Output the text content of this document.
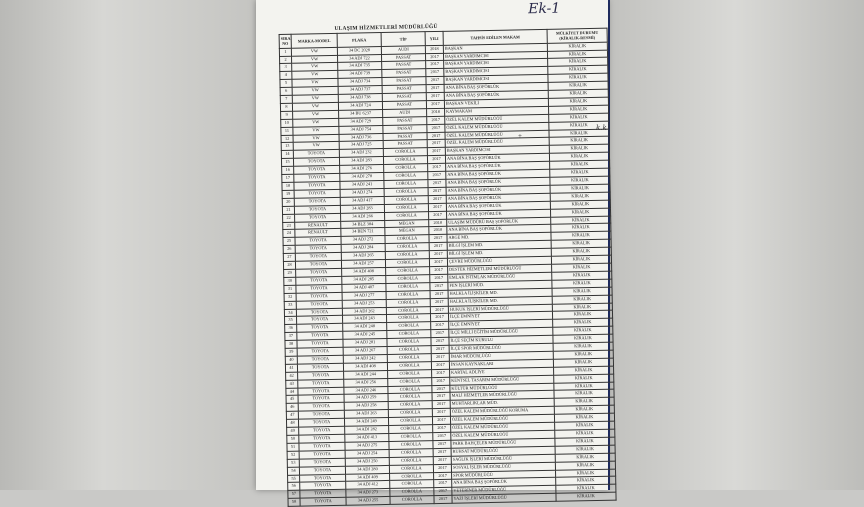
Ek-1
ULAŞIM HİZMETLERİ MÜDÜRLÜĞÜ
SIRA NO	MARKA-MODEL	PLAKA	TİP	YILI	TAHSİS EDİLEN MAKAM	MÜLKİYET DURUMU (KİRALIK-RESMİ)
1	VW	34 DC 2028	AUDI	2018	BAŞKAN	KİRALIK
2	VW	34 ADJ 722	PASSAT	2017	BAŞKAN YARDIMCISI	KİRALIK
3	VW	34 ADJ 735	PASSAT	2017	BAŞKAN YARDIMCISI	KİRALIK
4	VW	34 ADJ 739	PASSAT	2017	BAŞKAN YARDIMCISI	KİRALIK
5	VW	34 ADJ 734	PASSAT	2017	BAŞKAN YARDIMCISI	KİRALIK
6	VW	34 ADJ 737	PASSAT	2017	ANA BİNA BAŞ ŞOFÖRLÜK	KİRALIK
7	VW	34 ADJ 738	PASSAT	2017	ANA BİNA BAŞ ŞOFÖRLÜK	KİRALIK
8	VW	34 ADJ 724	PASSAT	2017	BAŞKAN VEKİLİ	KİRALIK
9	VW	34 BU 6237	AUDI	2018	KAYMAKAM	KİRALIK
10	VW	34 ADJ 729	PASSAT	2017	ÖZEL KALEM MÜDÜRLÜĞÜ	KİRALIK
11	VW	34 ADJ 754	PASSAT	2017	ÖZEL KALEM MÜDÜRLÜĞÜ	KİRALIK
12	VW	34 ADJ 736	PASSAT	2017	ÖZEL KALEM MÜDÜRLÜĞÜ	KİRALIK
13	VW	34 ADJ 725	PASSAT	2017	ÖZEL KALEM MÜDÜRLÜĞÜ	KİRALIK
14	TOYOTA	34 ADJ 232	COROLLA	2017	BAŞKAN YARDIMCISI	KİRALIK
15	TOYOTA	34 ADJ 283	COROLLA	2017	ANA BİNA BAŞ ŞOFÖRLÜK	KİRALIK
16	TOYOTA	34 ADJ 276	COROLLA	2017	ANA BİNA BAŞ ŞOFÖRLÜK	KİRALIK
17	TOYOTA	34 ADJ 278	COROLLA	2017	ANA BİNA BAŞ ŞOFÖRLÜK	KİRALIK
18	TOYOTA	34 ADJ 241	COROLLA	2017	ANA BİNA BAŞ ŞOFÖRLÜK	KİRALIK
19	TOYOTA	34 ADJ 274	COROLLA	2017	ANA BİNA BAŞ ŞOFÖRLÜK	KİRALIK
20	TOYOTA	34 ADJ 417	COROLLA	2017	ANA BİNA BAŞ ŞOFÖRLÜK	KİRALIK
21	TOYOTA	34 ADJ 283	COROLLA	2017	ANA BİNA BAŞ ŞOFÖRLÜK	KİRALIK
22	TOYOTA	34 ADJ 266	COROLLA	2017	ANA BİNA BAŞ ŞOFÖRLÜK	KİRALIK
23	RENAULT	34 BLZ 384	MEGAN	2018	ULAŞIM MÜDÜRÜ BAŞ ŞOFÖRLÜK	KİRALIK
24	RENAULT	34 BEN 721	MEGAN	2018	ANA BİNA BAŞ ŞOFÖRLÜK	KİRALIK
25	TOYOTA	34 ADJ 272	COROLLA	2017	ARGE MD.	KİRALIK
26	TOYOTA	34 ADJ 284	COROLLA	2017	BİLGİ İŞLEM MD.	KİRALIK
27	TOYOTA	34 ADJ 265	COROLLA	2017	BİLGİ İŞLEM MD.	KİRALIK
28	TOYOTA	34 ADJ 257	COROLLA	2017	ÇEVRE MÜDÜRLÜĞÜ	KİRALIK
29	TOYOTA	34 ADJ 408	COROLLA	2017	DESTEK HİZMETLERİ MÜDÜRLÜĞÜ	KİRALIK
30	TOYOTA	34 ADJ 285	COROLLA	2017	EMLAK İSTİMLAK MÜDÜRLÜĞÜ	KİRALIK
31	TOYOTA	34 ADJ 407	COROLLA	2017	FEN İŞLERİ MÜD.	KİRALIK
32	TOYOTA	34 ADJ 277	COROLLA	2017	HALKLA İLİŞKİLER MD.	KİRALIK
33	TOYOTA	34 ADJ 253	COROLLA	2017	HALKLA İLİŞKİLER MD.	KİRALIK
34	TOYOTA	34 ADJ 262	COROLLA	2017	HUKUK İŞLERİ MÜDÜRLÜĞÜ	KİRALIK
35	TOYOTA	34 ADJ 243	COROLLA	2017	İLÇE EMNİYET	KİRALIK
36	TOYOTA	34 ADJ 248	COROLLA	2017	İLÇE EMNİYET	KİRALIK
37	TOYOTA	34 ADJ 245	COROLLA	2017	İLÇE MİLLİ EĞİTİM MÜDÜRLÜĞÜ	KİRALIK
38	TOYOTA	34 ADJ 281	COROLLA	2017	İLÇE SEÇİM KURULU	KİRALIK
39	TOYOTA	34 ADJ 267	COROLLA	2017	İLÇE SPOR MÜDÜRLÜĞÜ	KİRALIK
40	TOYOTA	34 ADJ 242	COROLLA	2017	İMAR MÜDÜRLÜĞÜ	KİRALIK
41	TOYOTA	34 ADJ 408	COROLLA	2017	İNSAN KAYNAKLARI	KİRALIK
42	TOYOTA	34 ADJ 244	COROLLA	2017	KARTAL ADLİYE	KİRALIK
43	TOYOTA	34 ADJ 256	COROLLA	2017	KENTSEL TASARIM MÜDÜRLÜĞÜ	KİRALIK
44	TOYOTA	34 ADJ 246	COROLLA	2017	KÜLTÜR MÜDÜRLÜĞÜ	KİRALIK
45	TOYOTA	34 ADJ 259	COROLLA	2017	MALİ HİZMETLER MÜDÜRLÜĞÜ	KİRALIK
46	TOYOTA	34 ADJ 258	COROLLA	2017	MUHTARLIKLAR MÜD.	KİRALIK
47	TOYOTA	34 ADJ 263	COROLLA	2017	ÖZEL KALEM MÜDÜRLÜĞÜ KORUMA	KİRALIK
48	TOYOTA	34 ADJ 249	COROLLA	2017	ÖZEL KALEM MÜDÜRLÜĞÜ	KİRALIK
49	TOYOTA	34 ADJ 282	COROLLA	2017	ÖZEL KALEM MÜDÜRLÜĞÜ	KİRALIK
50	TOYOTA	34 ADJ 413	COROLLA	2017	ÖZEL KALEM MÜDÜRLÜĞÜ	KİRALIK
51	TOYOTA	34 ADJ 275	COROLLA	2017	PARK BAHÇELER MÜDÜRLÜĞÜ	KİRALIK
52	TOYOTA	34 ADJ 254	COROLLA	2017	RUHSAT MÜDÜRLÜĞÜ	KİRALIK
53	TOYOTA	34 ADJ 250	COROLLA	2017	SAĞLIK İŞLERİ MÜDÜRLÜĞÜ	KİRALIK
54	TOYOTA	34 ADJ 280	COROLLA	2017	SOSYAL İŞLER MÜDÜRLÜĞÜ	KİRALIK
55	TOYOTA	34 ADJ 409	COROLLA	2017	SPOR MÜDÜRLÜĞÜ	KİRALIK
56	TOYOTA	34 ADJ 412	COROLLA	2017	ANA BİNA BAŞ ŞOFÖRLÜK	KİRALIK
57	TOYOTA	34 ADJ 273	COROLLA	2017	VETERİNER MÜDÜRLÜĞÜ	KİRALIK
58	TOYOTA	34 ADJ 255	COROLLA	2017	YAZI İŞLERİ MÜDÜRLÜĞÜ	KİRALIK
+
k.k
